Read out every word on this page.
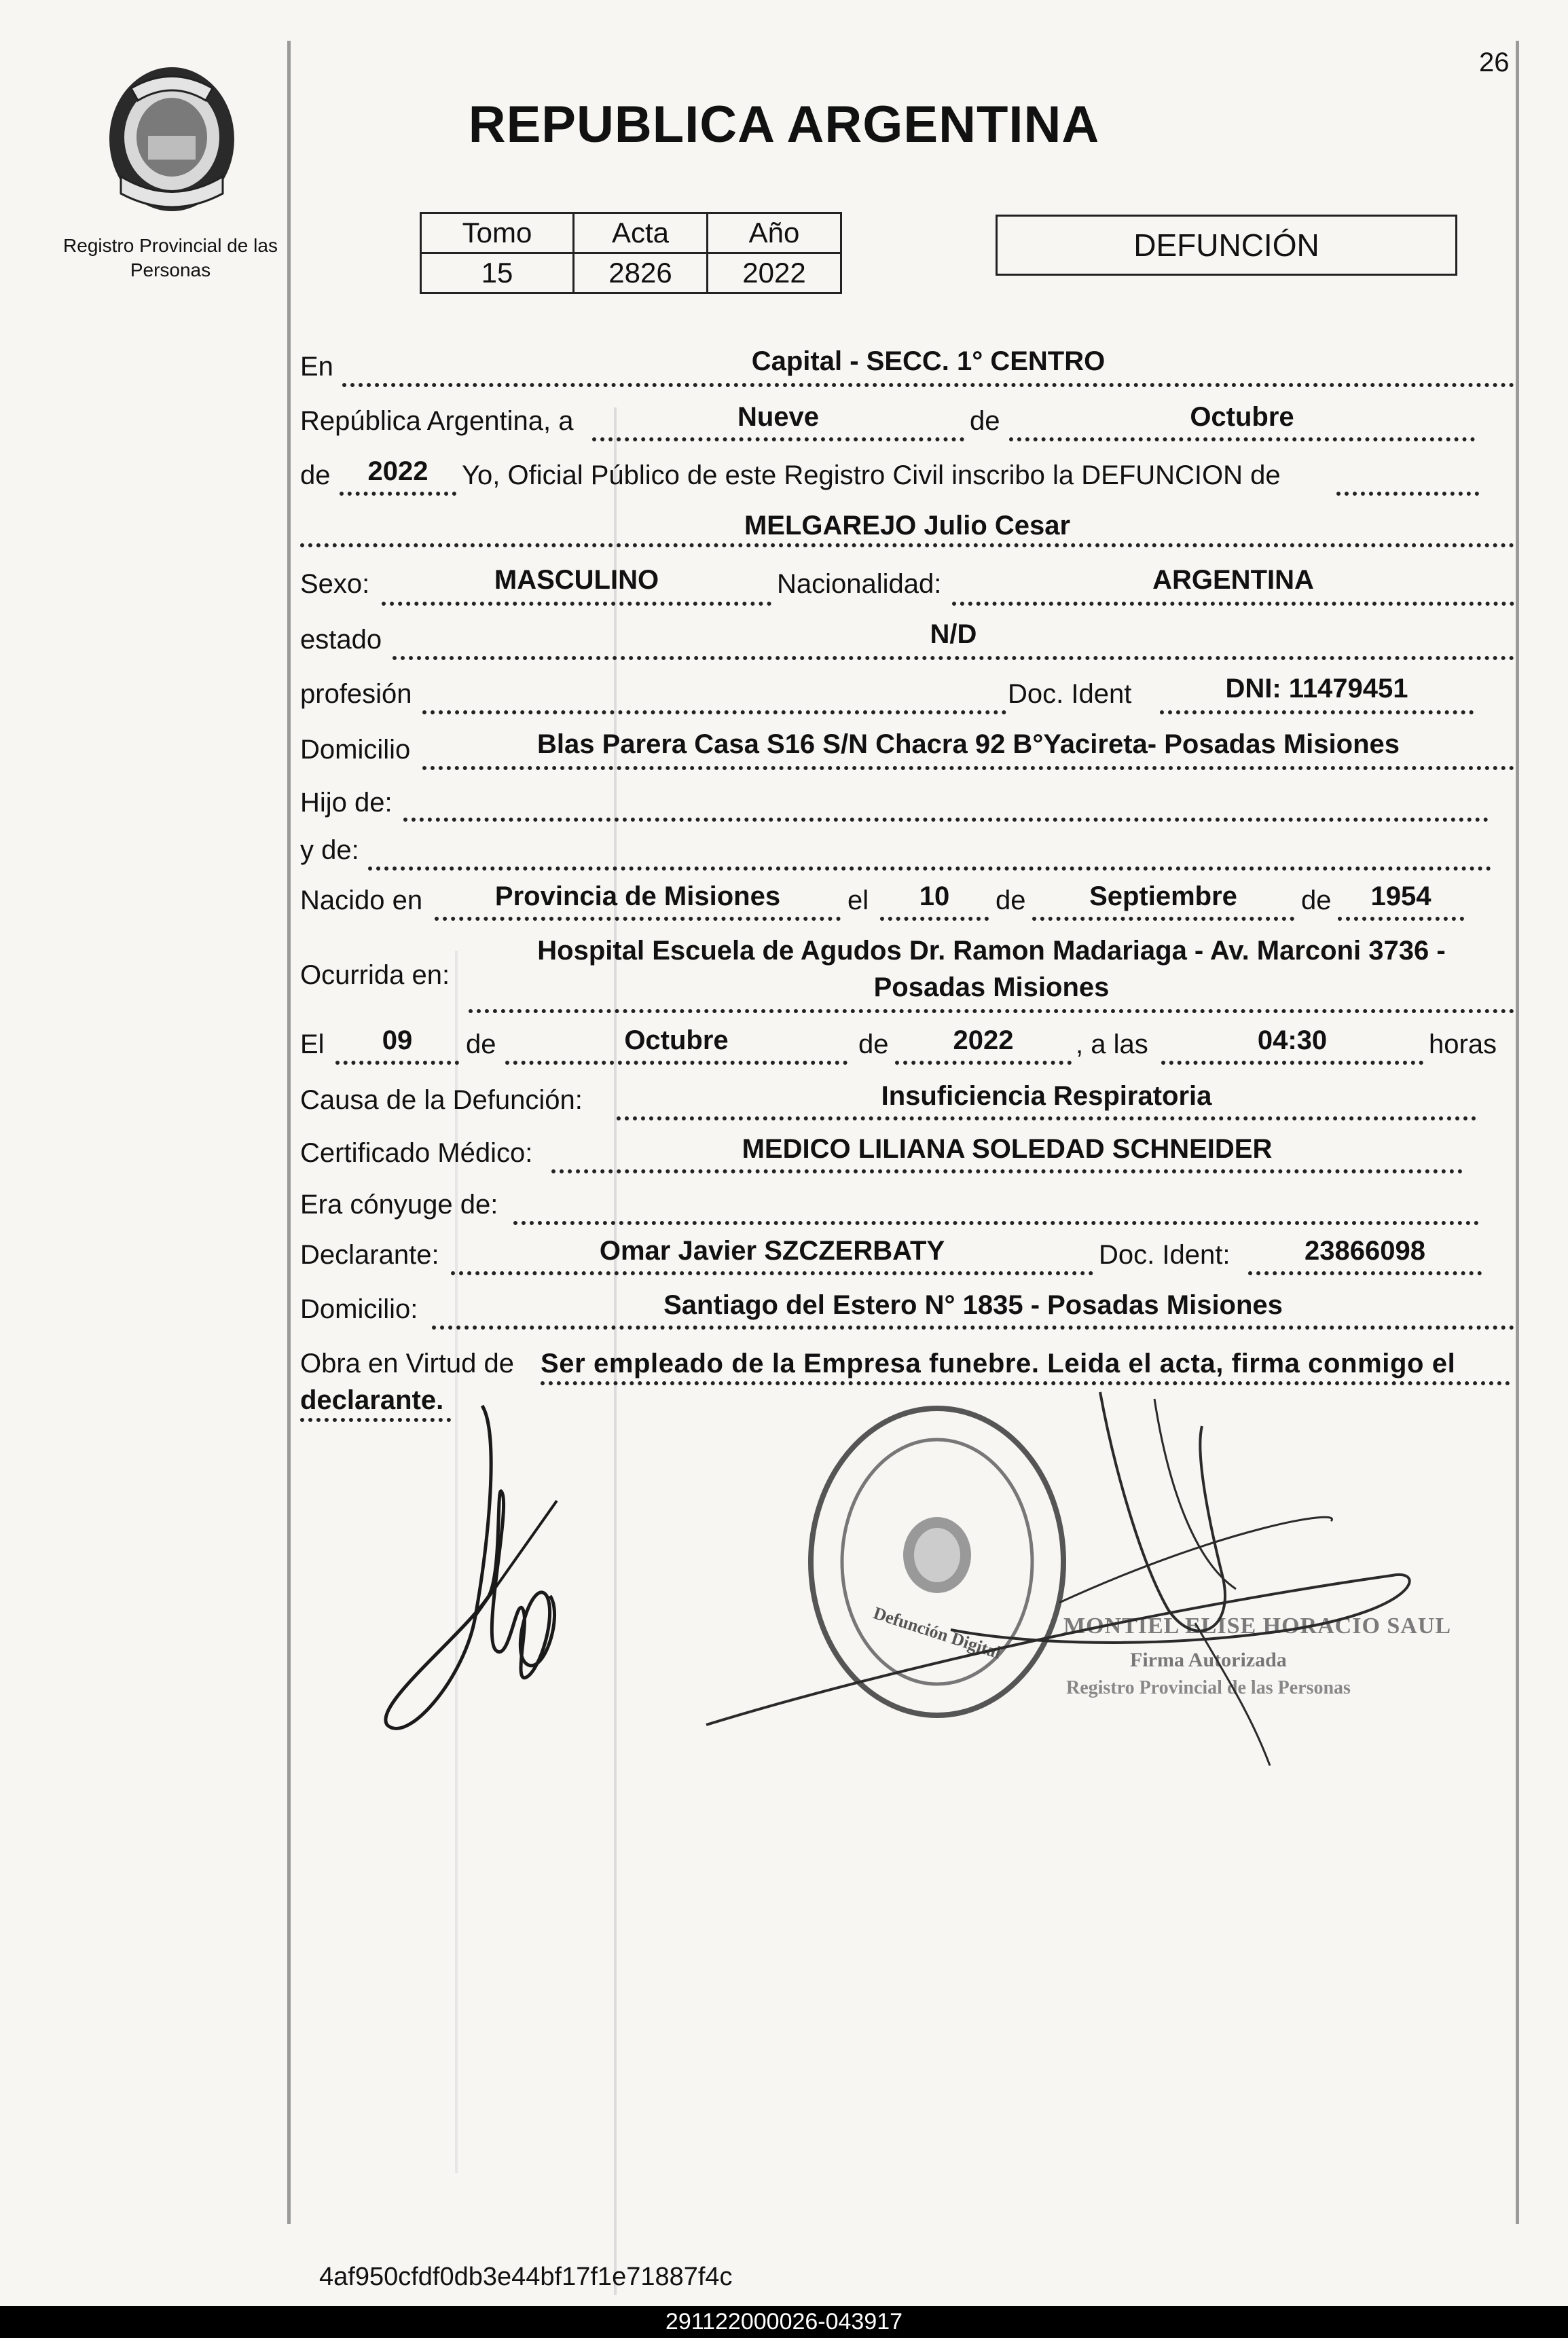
26
Registro Provincial de las Personas
REPUBLICA ARGENTINA
Tomo	Acta	Año
15	2826	2022
DEFUNCIÓN
En	Capital - SECC. 1° CENTRO
República Argentina, a	Nueve	de	Octubre
de	2022	Yo, Oficial Público de este Registro Civil inscribo la DEFUNCION de
MELGAREJO Julio Cesar
Sexo:	MASCULINO	Nacionalidad:	ARGENTINA
estado	N/D
profesión	Doc. Ident	DNI: 11479451
Domicilio	Blas Parera Casa S16 S/N Chacra 92 B°Yacireta- Posadas Misiones
Hijo de:
y de:
Nacido en	Provincia de Misiones	el	10	de	Septiembre	de	1954
Ocurrida en:
Hospital Escuela de Agudos Dr. Ramon Madariaga - Av. Marconi 3736 -
Posadas Misiones
El	09	de	Octubre	de	2022	, a las	04:30	horas
Causa de la Defunción:	Insuficiencia Respiratoria
Certificado Médico:	MEDICO LILIANA SOLEDAD SCHNEIDER
Era cónyuge de:
Declarante:	Omar Javier SZCZERBATY	Doc. Ident:	23866098
Domicilio:	Santiago del Estero N° 1835 - Posadas Misiones
Obra en Virtud de Ser empleado de la Empresa funebre. Leida el acta, firma conmigo el
declarante.
Defunción Digital	MONTIEL ELISE HORACIO SAUL
Firma Autorizada
Registro Provincial de las Personas
4af950cfdf0db3e44bf17f1e71887f4c
291122000026-043917
